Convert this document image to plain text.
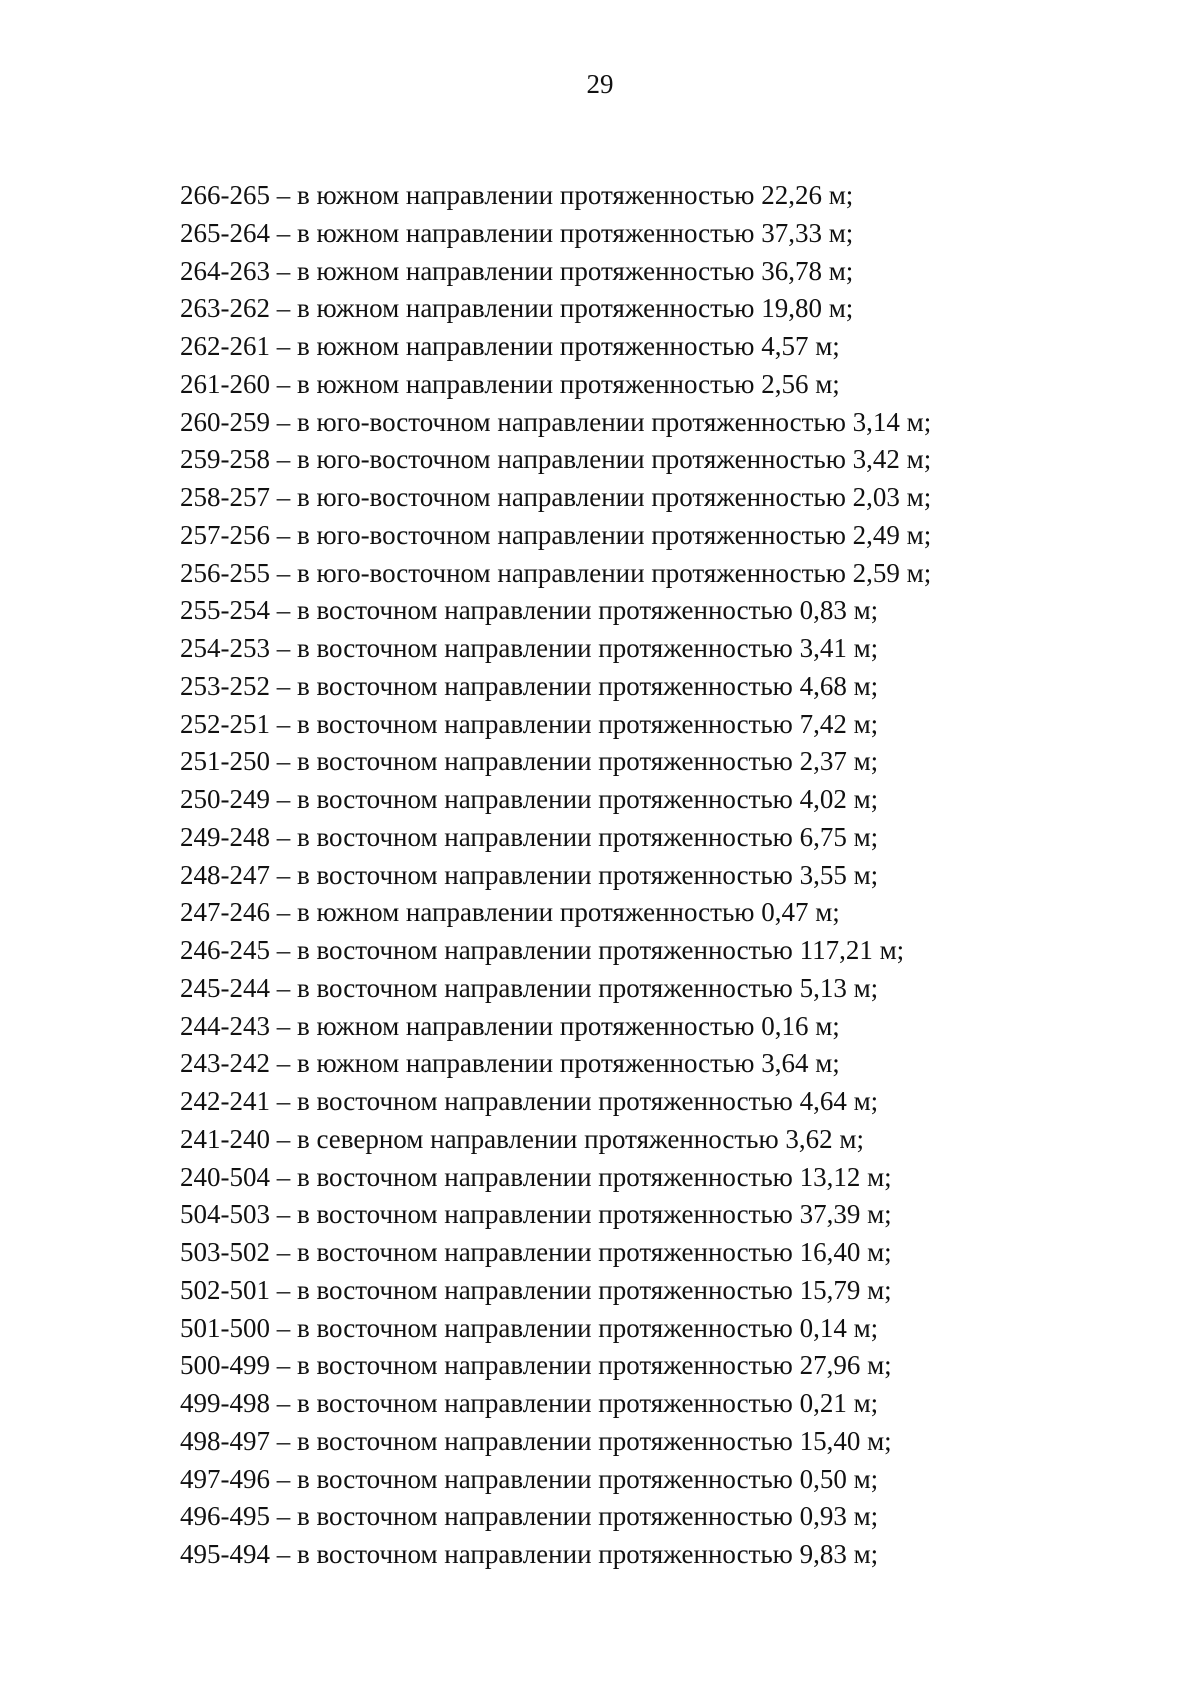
29
266-265 – в южном направлении протяженностью 22,26 м;
265-264 – в южном направлении протяженностью 37,33 м;
264-263 – в южном направлении протяженностью 36,78 м;
263-262 – в южном направлении протяженностью 19,80 м;
262-261 – в южном направлении протяженностью 4,57 м;
261-260 – в южном направлении протяженностью 2,56 м;
260-259 – в юго-восточном направлении протяженностью 3,14 м;
259-258 – в юго-восточном направлении протяженностью 3,42 м;
258-257 – в юго-восточном направлении протяженностью 2,03 м;
257-256 – в юго-восточном направлении протяженностью 2,49 м;
256-255 – в юго-восточном направлении протяженностью 2,59 м;
255-254 – в восточном направлении протяженностью 0,83 м;
254-253 – в восточном направлении протяженностью 3,41 м;
253-252 – в восточном направлении протяженностью 4,68 м;
252-251 – в восточном направлении протяженностью 7,42 м;
251-250 – в восточном направлении протяженностью 2,37 м;
250-249 – в восточном направлении протяженностью 4,02 м;
249-248 – в восточном направлении протяженностью 6,75 м;
248-247 – в восточном направлении протяженностью 3,55 м;
247-246 – в южном направлении протяженностью 0,47 м;
246-245 – в восточном направлении протяженностью 117,21 м;
245-244 – в восточном направлении протяженностью 5,13 м;
244-243 – в южном направлении протяженностью 0,16 м;
243-242 – в южном направлении протяженностью 3,64 м;
242-241 – в восточном направлении протяженностью 4,64 м;
241-240 – в северном направлении протяженностью 3,62 м;
240-504 – в восточном направлении протяженностью 13,12 м;
504-503 – в восточном направлении протяженностью 37,39 м;
503-502 – в восточном направлении протяженностью 16,40 м;
502-501 – в восточном направлении протяженностью 15,79 м;
501-500 – в восточном направлении протяженностью 0,14 м;
500-499 – в восточном направлении протяженностью 27,96 м;
499-498 – в восточном направлении протяженностью 0,21 м;
498-497 – в восточном направлении протяженностью 15,40 м;
497-496 – в восточном направлении протяженностью 0,50 м;
496-495 – в восточном направлении протяженностью 0,93 м;
495-494 – в восточном направлении протяженностью 9,83 м;
